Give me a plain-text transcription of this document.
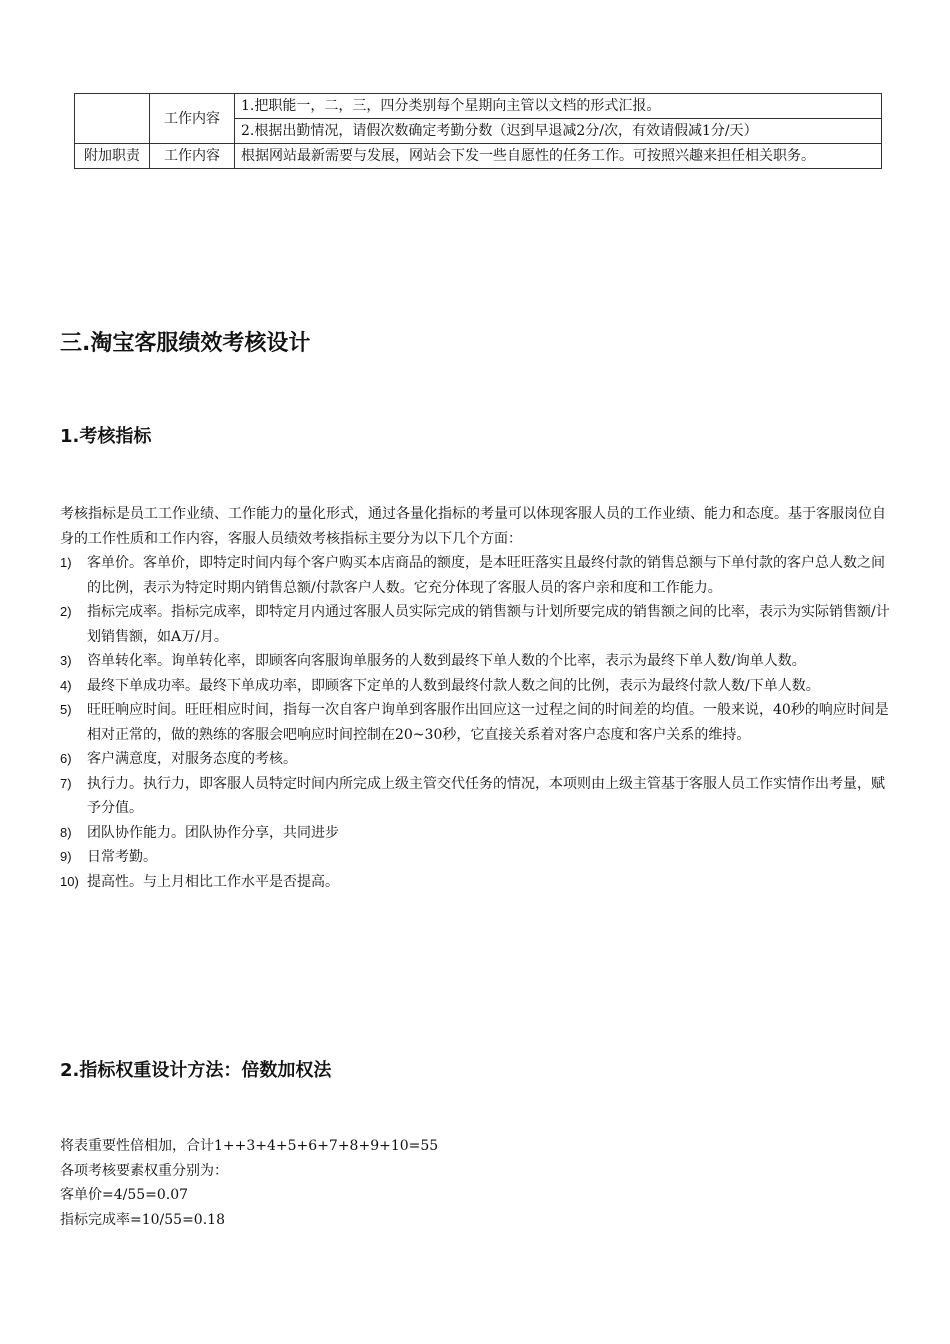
	工作内容	1.把职能一，二，三，四分类别每个星期向主管以文档的形式汇报。
		2.根据出勤情况，请假次数确定考勤分数（迟到早退减2分/次，有效请假减1分/天）
附加职责	工作内容	根据网站最新需要与发展，网站会下发一些自愿性的任务工作。可按照兴趣来担任相关职务。
三.淘宝客服绩效考核设计
1.考核指标

考核指标是员工工作业绩、工作能力的量化形式，通过各量化指标的考量可以体现客服人员的工作业绩、能力和态度。基于客服岗位自身的工作性质和工作内容，客服人员绩效考核指标主要分为以下几个方面：

1) 客单价。客单价，即特定时间内每个客户购买本店商品的额度，是本旺旺落实且最终付款的销售总额与下单付款的客户总人数之间的比例，表示为特定时期内销售总额/付款客户人数。它充分体现了客服人员的客户亲和度和工作能力。
2) 指标完成率。指标完成率，即特定月内通过客服人员实际完成的销售额与计划所要完成的销售额之间的比率，表示为实际销售额/计划销售额，如A万/月。
3) 咨单转化率。询单转化率，即顾客向客服询单服务的人数到最终下单人数的个比率，表示为最终下单人数/询单人数。
4) 最终下单成功率。最终下单成功率，即顾客下定单的人数到最终付款人数之间的比例，表示为最终付款人数/下单人数。
5) 旺旺响应时间。旺旺相应时间，指每一次自客户询单到客服作出回应这一过程之间的时间差的均值。一般来说，40秒的响应时间是相对正常的，做的熟练的客服会吧响应时间控制在20~30秒，它直接关系着对客户态度和客户关系的维持。
6) 客户满意度，对服务态度的考核。
7) 执行力。执行力，即客服人员特定时间内所完成上级主管交代任务的情况，本项则由上级主管基于客服人员工作实情作出考量，赋予分值。
8) 团队协作能力。团队协作分享，共同进步
9) 日常考勤。
10) 提高性。与上月相比工作水平是否提高。
2.指标权重设计方法：倍数加权法
将表重要性倍相加，合计1++3+4+5+6+7+8+9+10=55
各项考核要素权重分别为：
客单价=4/55=0.07
指标完成率=10/55=0.18
